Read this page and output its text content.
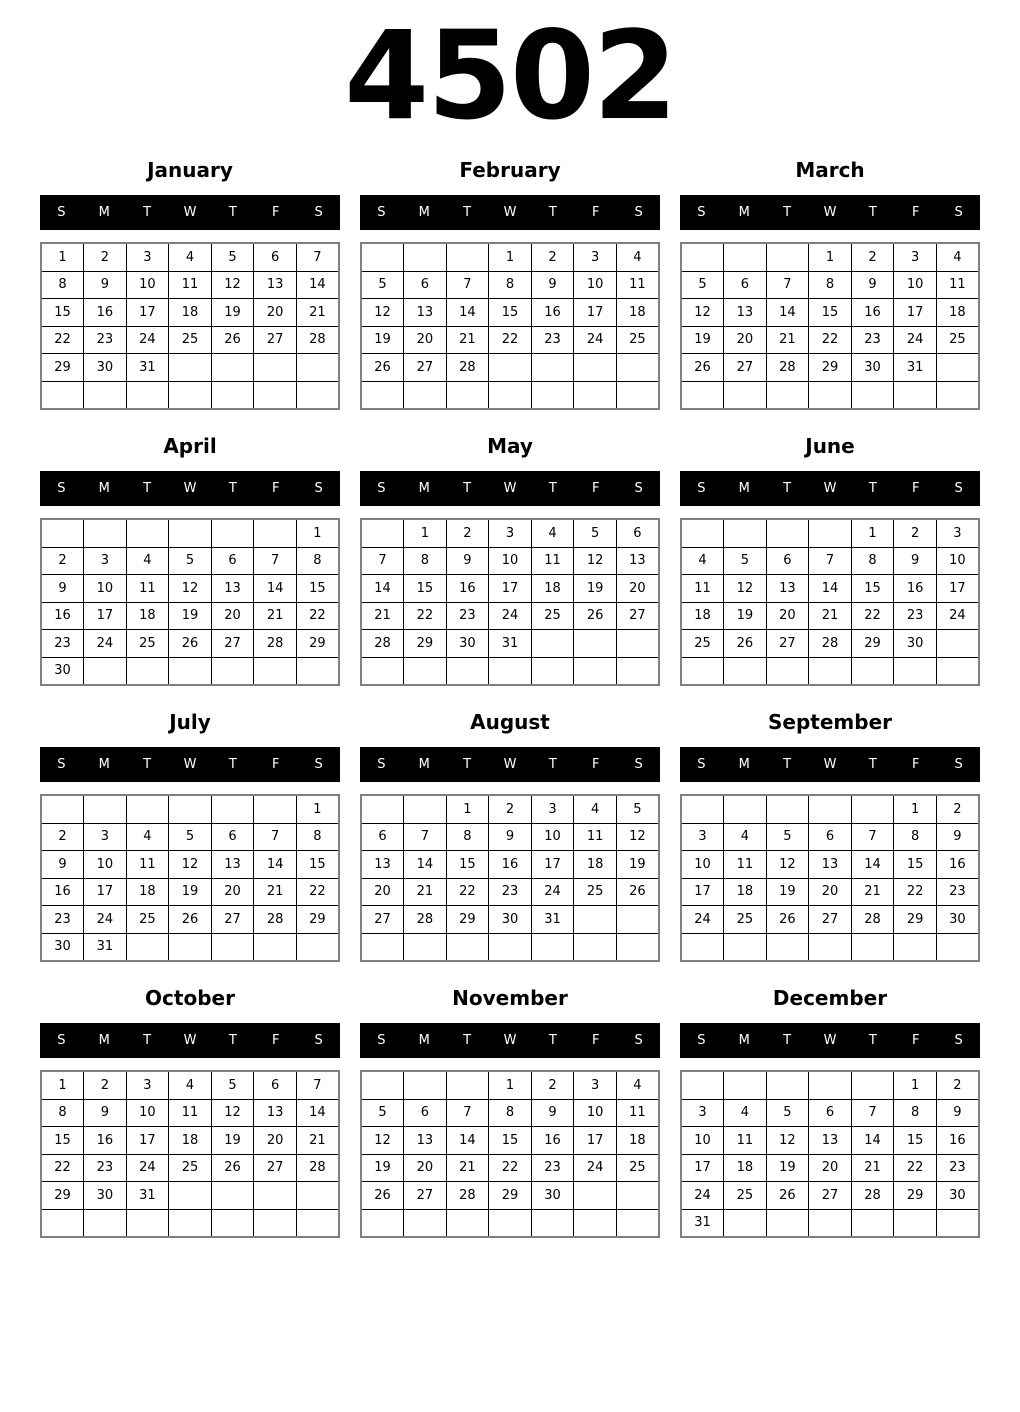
4502
January
S	M	T	W	T	F	S
1	2	3	4	5	6	7
8	9	10	11	12	13	14
15	16	17	18	19	20	21
22	23	24	25	26	27	28
29	30	31				

February
S	M	T	W	T	F	S
			1	2	3	4
5	6	7	8	9	10	11
12	13	14	15	16	17	18
19	20	21	22	23	24	25
26	27	28				

March
S	M	T	W	T	F	S
			1	2	3	4
5	6	7	8	9	10	11
12	13	14	15	16	17	18
19	20	21	22	23	24	25
26	27	28	29	30	31	

April
S	M	T	W	T	F	S
						1
2	3	4	5	6	7	8
9	10	11	12	13	14	15
16	17	18	19	20	21	22
23	24	25	26	27	28	29
30						
May
S	M	T	W	T	F	S
	1	2	3	4	5	6
7	8	9	10	11	12	13
14	15	16	17	18	19	20
21	22	23	24	25	26	27
28	29	30	31			

June
S	M	T	W	T	F	S
				1	2	3
4	5	6	7	8	9	10
11	12	13	14	15	16	17
18	19	20	21	22	23	24
25	26	27	28	29	30	

July
S	M	T	W	T	F	S
						1
2	3	4	5	6	7	8
9	10	11	12	13	14	15
16	17	18	19	20	21	22
23	24	25	26	27	28	29
30	31					
August
S	M	T	W	T	F	S
		1	2	3	4	5
6	7	8	9	10	11	12
13	14	15	16	17	18	19
20	21	22	23	24	25	26
27	28	29	30	31		

September
S	M	T	W	T	F	S
					1	2
3	4	5	6	7	8	9
10	11	12	13	14	15	16
17	18	19	20	21	22	23
24	25	26	27	28	29	30

October
S	M	T	W	T	F	S
1	2	3	4	5	6	7
8	9	10	11	12	13	14
15	16	17	18	19	20	21
22	23	24	25	26	27	28
29	30	31				

November
S	M	T	W	T	F	S
			1	2	3	4
5	6	7	8	9	10	11
12	13	14	15	16	17	18
19	20	21	22	23	24	25
26	27	28	29	30		

December
S	M	T	W	T	F	S
					1	2
3	4	5	6	7	8	9
10	11	12	13	14	15	16
17	18	19	20	21	22	23
24	25	26	27	28	29	30
31						
